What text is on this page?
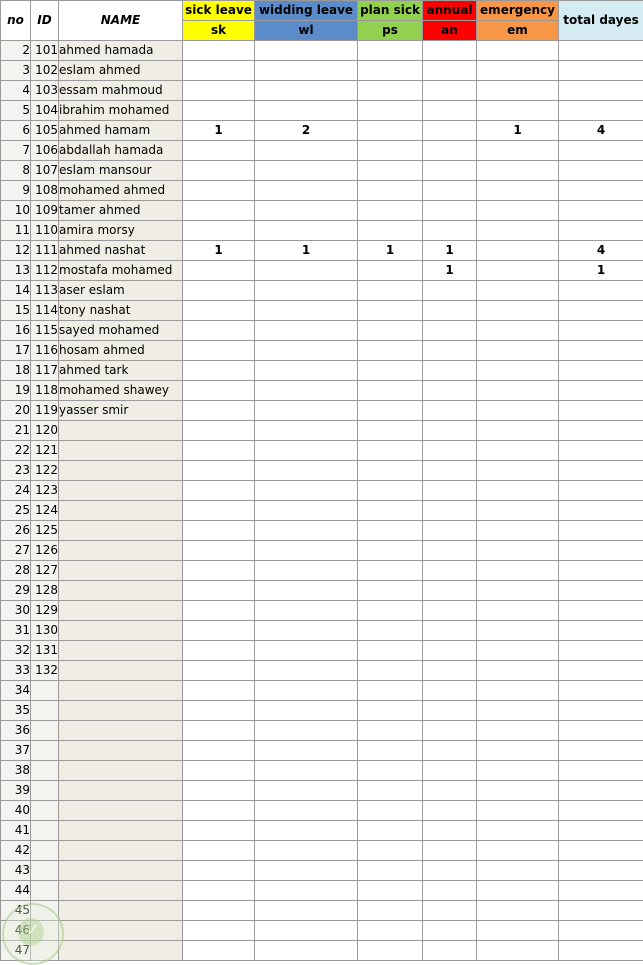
no	ID	NAME	sick leave	widding leave	plan sick	annual	emergency	total dayes
			sk	wl	ps	an	em	
2	101	ahmed hamada						
3	102	eslam ahmed						
4	103	essam mahmoud						
5	104	ibrahim mohamed						
6	105	ahmed hamam	1	2			1	4
7	106	abdallah hamada						
8	107	eslam mansour						
9	108	mohamed ahmed						
10	109	tamer ahmed						
11	110	amira morsy						
12	111	ahmed nashat	1	1	1	1		4
13	112	mostafa mohamed				1		1
14	113	aser eslam						
15	114	tony nashat						
16	115	sayed mohamed						
17	116	hosam ahmed						
18	117	ahmed tark						
19	118	mohamed shawey						
20	119	yasser smir						
21	120							
22	121							
23	122							
24	123							
25	124							
26	125							
27	126							
28	127							
29	128							
30	129							
31	130							
32	131							
33	132							
34								
35								
36								
37								
38								
39								
40								
41								
42								
43								
44								
45								
46								
47								
✓
